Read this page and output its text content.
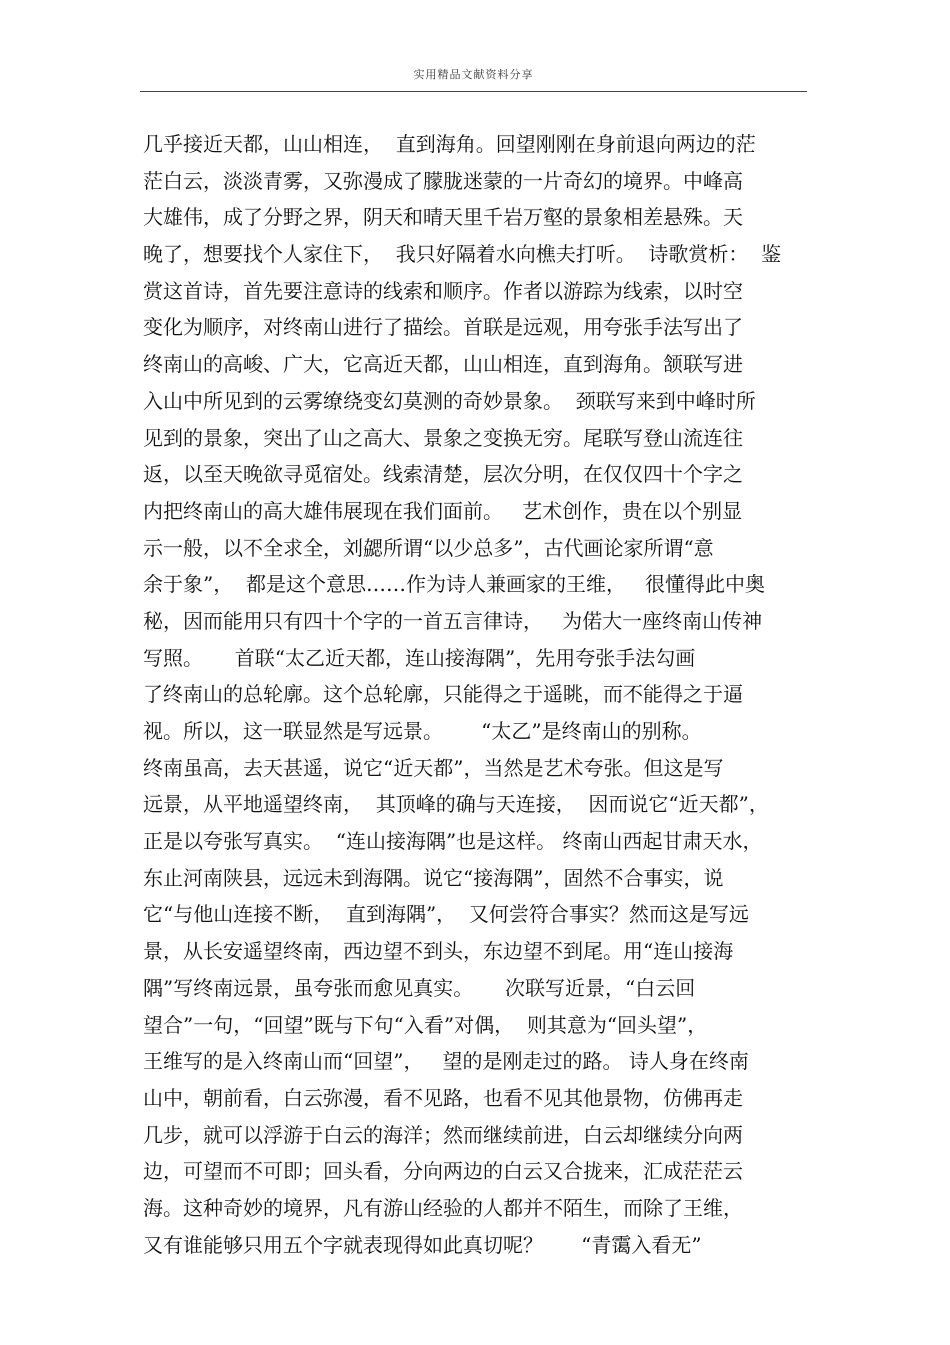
实用精品文献资料分享
几乎接近天都，山山相连，  直到海角。回望刚刚在身前退向两边的茫
茫白云，淡淡青雾，又弥漫成了朦胧迷蒙的一片奇幻的境界。中峰高
大雄伟，成了分野之界，阴天和晴天里千岩万壑的景象相差悬殊。天
晚了，想要找个人家住下，  我只好隔着水向樵夫打听。  诗歌赏析：  鉴
赏这首诗，首先要注意诗的线索和顺序。作者以游踪为线索，以时空
变化为顺序，对终南山进行了描绘。首联是远观，用夸张手法写出了
终南山的高峻、广大，它高近天都，山山相连，直到海角。颔联写进
入山中所见到的云雾缭绕变幻莫测的奇妙景象。  颈联写来到中峰时所
见到的景象，突出了山之高大、景象之变换无穷。尾联写登山流连往
返，以至天晚欲寻觅宿处。线索清楚，层次分明，在仅仅四十个字之
内把终南山的高大雄伟展现在我们面前。   艺术创作，贵在以个别显
示一般，以不全求全，刘勰所谓“以少总多”，古代画论家所谓“意
余于象”，  都是这个意思……作为诗人兼画家的王维，   很懂得此中奥
秘，因而能用只有四十个字的一首五言律诗，   为偌大一座终南山传神
写照。     首联“太乙近天都，连山接海隅”，先用夸张手法勾画
了终南山的总轮廓。这个总轮廓，只能得之于遥眺，而不能得之于逼
视。所以，这一联显然是写远景。      “太乙”是终南山的别称。
终南虽高，去天甚遥，说它“近天都”，当然是艺术夸张。但这是写
远景，从平地遥望终南，  其顶峰的确与天连接，  因而说它“近天都”，
正是以夸张写真实。  “连山接海隅”也是这样。 终南山西起甘肃天水，
东止河南陕县，远远未到海隅。说它“接海隅”，固然不合事实，说
它“与他山连接不断，  直到海隅”，  又何尝符合事实？然而这是写远
景，从长安遥望终南，西边望不到头，东边望不到尾。用“连山接海
隅”写终南远景，虽夸张而愈见真实。     次联写近景，“白云回
望合”一句，“回望”既与下句“入看”对偶，  则其意为“回头望”，
王维写的是入终南山而“回望”，   望的是刚走过的路。 诗人身在终南
山中，朝前看，白云弥漫，看不见路，也看不见其他景物，仿佛再走
几步，就可以浮游于白云的海洋；然而继续前进，白云却继续分向两
边，可望而不可即；回头看，分向两边的白云又合拢来，汇成茫茫云
海。这种奇妙的境界，凡有游山经验的人都并不陌生，而除了王维，
又有谁能够只用五个字就表现得如此真切呢？      “青霭入看无”
